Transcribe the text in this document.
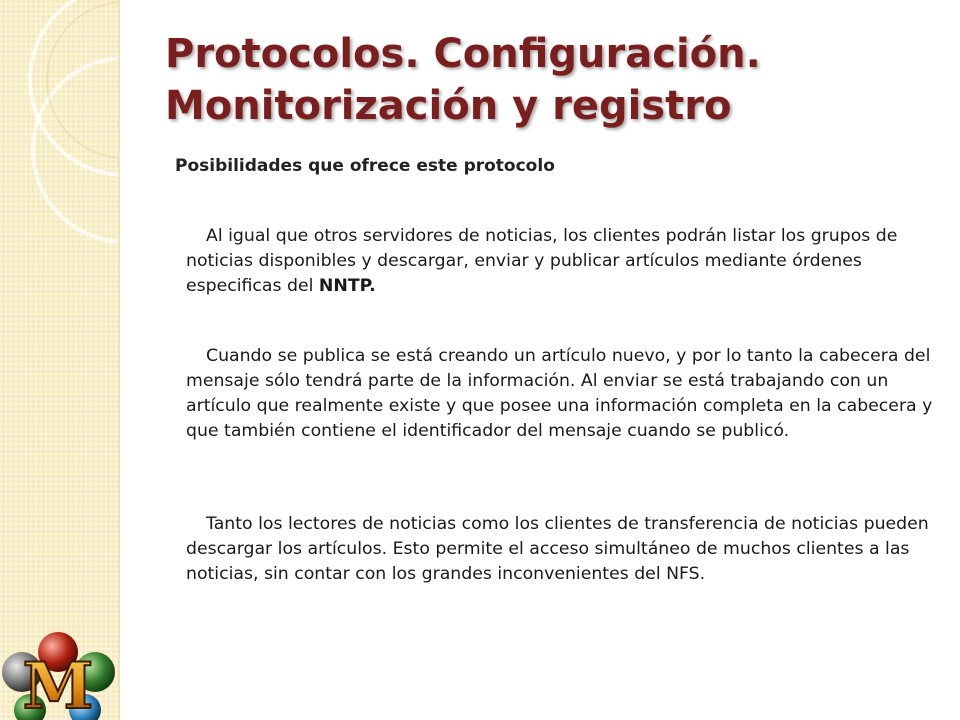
Protocolos. Configuración.
Monitorización y registro

Posibilidades que ofrece este protocolo

Al igual que otros servidores de noticias, los clientes podrán listar los grupos de noticias disponibles y descargar, enviar y publicar artículos mediante órdenes especificas del NNTP.

Cuando se publica se está creando un artículo nuevo, y por lo tanto la cabecera del mensaje sólo tendrá parte de la información. Al enviar se está trabajando con un artículo que realmente existe y que posee una información completa en la cabecera y que también contiene el identificador del mensaje cuando se publicó.

Tanto los lectores de noticias como los clientes de transferencia de noticias pueden descargar los artículos. Esto permite el acceso simultáneo de muchos clientes a las noticias, sin contar con los grandes inconvenientes del NFS.

M
